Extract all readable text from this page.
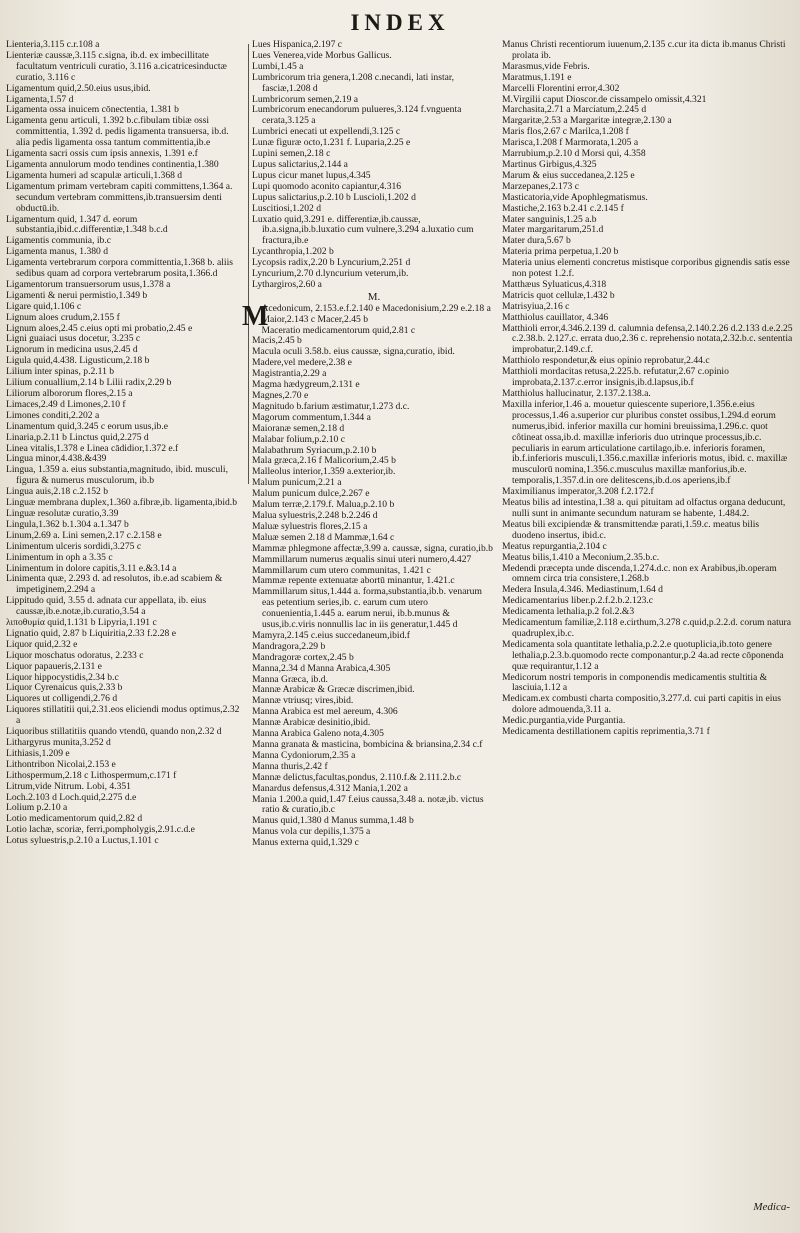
INDEX

Lienteria,3.115 c.r.108 a

Lienteriæ caussæ,3.115 c.signa, ib.d. ex imbecillitate facultatum ventriculi curatio, 3.116 a.cicatricesinductæ curatio, 3.116 c

Ligamentum quid,2.50.eius usus,ibid.

Ligamenta,1.57 d

Ligamenta ossa inuicem cōnectentia, 1.381 b

Ligamenta genu articuli, 1.392 b.c.fibulam tibiæ ossi committentia, 1.392 d. pedis ligamenta transuersa, ib.d. alia pedis ligamenta ossa tantum committentia,ib.e

Ligamenta sacri ossis cum ipsis annexis, 1.391 e.f

Ligamenta annulorum modo tendines continentia,1.380

Ligamenta humeri ad scapulæ articuli,1.368 d

Ligamentum primam vertebram capiti committens,1.364 a. secundum vertebram committens,ib.transuersim denti obductū.ib.

Ligamentum quid, 1.347 d. eorum substantia,ibid.c.differentiæ,1.348 b.c.d

Ligamentis communia, ib.c

Ligamenta manus, 1.380 d

Ligamenta vertebrarum corpora committentia,1.368 b. aliis sedibus quam ad corpora vertebrarum posita,1.366.d

Ligamentorum transuersorum usus,1.378 a

Ligamenti & nerui permistio,1.349 b

Ligare quid,1.106 c

Lignum aloes crudum,2.155 f

Lignum aloes,2.45 c.eius opti mi probatio,2.45 e

Ligni guaiaci usus docetur, 3.235 c

Lignorum in medicina usus,2.45 d

Ligula quid,4.438. Ligusticum,2.18 b

Lilium inter spinas, p.2.11 b

Lilium conuallium,2.14 b Lilii radix,2.29 b

Liliorum albororum flores,2.15 a

Limaces,2.49 d Limones,2.10 f

Limones conditi,2.202 a

Linamentum quid,3.245 c eorum usus,ib.e

Linaria,p.2.11 b Linctus quid,2.275 d

Linea vitalis,1.378 e Linea cādidior,1.372 e.f

Lingua minor,4.438.&439

Lingua, 1.359 a. eius substantia,magnitudo, ibid. musculi, figura & numerus musculorum, ib.b

Lingua auis,2.18 c.2.152 b

Linguæ membrana duplex,1.360 a.fibræ,ib. ligamenta,ibid.b

Linguæ resolutæ curatio,3.39

Lingula,1.362 b.1.304 a.1.347 b

Linum,2.69 a. Lini semen,2.17 c.2.158 e

Linimentum ulceris sordidi,3.275 c

Linimentum in oph a 3.35 c

Linimentum in dolore capitis,3.11 e.&3.14 a

Linimenta quæ, 2.293 d. ad resolutos, ib.e.ad scabiem & impetiginem,2.294 a

Lippitudo quid, 3.55 d. adnata cur appellata, ib. eius caussæ,ib.e.notæ,ib.curatio,3.54 a

λιποθυμία quid,1.131 b Lipyria,1.191 c

Lignatio quid, 2.87 b Liquiritia,2.33 f.2.28 e

Liquor quid,2.32 e

Liquor moschatus odoratus, 2.233 c

Liquor papaueris,2.131 e

Liquor hippocystidis,2.34 b.c

Liquor Cyrenaicus quis,2.33 b

Liquores ut colligendi,2.76 d

Liquores stillatitii qui,2.31.eos eliciendi modus optimus,2.32 a

Liquoribus stillatitiis quando vtendū, quando non,2.32 d

Lithargyrus munita,3.252 d

Lithiasis,1.209 e

Lithontribon Nicolai,2.153 e

Lithospermum,2.18 c Lithospermum,c.171 f

Litrum,vide Nitrum. Lobi, 4.351

Loch.2.103 d Loch.quid,2.275 d.e

Lolium p.2.10 a

Lotio medicamentorum quid,2.82 d

Lotio lachæ, scoriæ, ferri,pompholygis,2.91.c.d.e

Lotus syluestris,p.2.10 a Luctus,1.101 c

Lues Hispanica,2.197 c

Lues Venerea,vide Morbus Gallicus.

Lumbi,1.45 a

Lumbricorum tria genera,1.208 c.necandi, lati instar, fasciæ,1.208 d

Lumbricorum semen,2.19 a

Lumbricorum enecandorum pulueres,3.124 f.vnguenta cerata,3.125 a

Lumbrici enecati ut expellendi,3.125 c

Lunæ figuræ octo,1.231 f. Luparia,2.25 e

Lupini semen,2.18 c

Lupus salictarius,2.144 a

Lupus cicur manet lupus,4.345

Lupi quomodo aconito capiantur,4.316

Lupus salictarius,p.2.10 b Luscioli,1.202 d

Luscitiosi,1.202 d

Luxatio quid,3.291 e. differentiæ,ib.caussæ, ib.a.signa,ib.b.luxatio cum vulnere,3.294 a.luxatio cum fractura,ib.e

Lycanthropia,1.202 b

Lycopsis radix,2.20 b Lyncurium,2.251 d

Lyncurium,2.70 d.lyncurium veterum,ib.

Lythargiros,2.60 a

M.

M
Acedonicum, 2.153.e.f.2.140 e Macedonisium,2.29 e.2.18 a

Maior,2.143 c Macer,2.45 b

Maceratio medicamentorum quid,2.81 c

Macis,2.45 b

Macula oculi 3.58.b. eius caussæ, signa,curatio, ibid.

Madere,vel medere,2.38 e

Magistrantia,2.29 a

Magma hædygreum,2.131 e

Magnes,2.70 e

Magnitudo b.farium æstimatur,1.273 d.c.

Magorum commentum,1.344 a

Maioranæ semen,2.18 d

Malabar folium,p.2.10 c

Malabathrum Syriacum,p.2.10 b

Mala græca,2.16 f Malicorium,2.45 b

Malleolus interior,1.359 a.exterior,ib.

Malum punicum,2.21 a

Malum punicum dulce,2.267 e

Malum terræ,2.179.f. Malua,p.2.10 b

Malua syluestris,2.248 b.2.246 d

Maluæ syluestris flores,2.15 a

Maluæ semen 2.18 d Mammæ,1.64 c

Mammæ phlegmone affectæ,3.99 a. caussæ, signa, curatio,ib.b

Mammillarum numerus æqualis sinui uteri numero,4.427

Mammillarum cum utero communitas, 1.421 c

Mammæ repente extenuatæ abortū minantur, 1.421.c

Mammillarum situs,1.444 a. forma,substantia,ib.b. venarum eas petentium series,ib. c. earum cum utero conuenientia,1.445 a. earum nerui, ib.b.munus & usus,ib.c.viris nonnullis lac in iis generatur,1.445 d

Mamyra,2.145 c.eius succedaneum,ibid.f

Mandragora,2.29 b

Mandragoræ cortex,2.45 b

Manna,2.34 d Manna Arabica,4.305

Manna Græca, ib.d.

Mannæ Arabicæ & Græcæ discrimen,ibid.

Mannæ vtriusq; vires,ibid.

Manna Arabica est mel aereum, 4.306

Mannæ Arabicæ desinitio,ibid.

Manna Arabica Galeno nota,4.305

Manna granata & masticina, bombicina & briansina,2.34 c.f

Manna Cydoniorum,2.35 a

Manna thuris,2.42 f

Mannæ delictus,facultas,pondus, 2.110.f.& 2.111.2.b.c

Manardus defensus,4.312 Mania,1.202 a

Mania 1.200.a quid,1.47 f.eius caussa,3.48 a. notæ,ib. victus ratio & curatio,ib.c

Manus quid,1.380 d Manus summa,1.48 b

Manus vola cur depilis,1.375 a

Manus externa quid,1.329 c

Manus Christi recentiorum iuuenum,2.135 c.cur ita dicta ib.manus Christi prolata ib.

Marasmus,vide Febris.

Maratmus,1.191 e

Marcelli Florentini error,4.302

M.Virgilii caput Dioscor.de cissampelo omissit,4.321

Marchasita,2.71 a Marciatum,2.245 d

Margaritæ,2.53 a Margaritæ integræ,2.130 a

Maris flos,2.67 c Marilca,1.208 f

Marisca,1.208 f Marmorata,1.205 a

Marrubium,p.2.10 d Morsi qui, 4.358

Martinus Girbigus,4.325

Marum & eius succedanea,2.125 e

Marzepanes,2.173 c

Masticatoria,vide Apophlegmatismus.

Mastiche,2.163 b.2.41 c.2.145 f

Mater sanguinis,1.25 a.b

Mater margaritarum,251.d

Mater dura,5.67 b

Materia prima perpetua,1.20 b

Materia unius elementi concretus mistisque corporibus gignendis satis esse non potest 1.2.f.

Matthæus Syluaticus,4.318

Matricis quot cellulæ,1.432 b

Matrisyiua,2.16 c

Matthiolus cauillator, 4.346

Matthioli error,4.346.2.139 d. calumnia defensa,2.140.2.26 d.2.133 d.e.2.25 c.2.38.b. 2.127.c. errata duo,2.36 c. reprehensio notata,2.32.b.c. sententia improbatur,2.149.c.f.

Matthiolo respondetur,& eius opinio reprobatur,2.44.c

Matthioli mordacitas retusa,2.225.b. refutatur,2.67 c.opinio improbata,2.137.c.error insignis,ib.d.lapsus,ib.f

Matthiolus hallucinatur, 2.137.2.138.a.

Maxilla inferior,1.46 a. mouetur quiescente superiore,1.356.e.eius processus,1.46 a.superior cur pluribus constet ossibus,1.294.d eorum numerus,ibid. inferior maxilla cur homini breuissima,1.296.c. quot côtineat ossa,ib.d. maxillæ inferioris duo utrinque processus,ib.c. peculiaris in earum articulatione cartilago,ib.e. inferioris foramen, ib.f.inferioris musculi,1.356.c.maxillæ inferioris motus, ibid. c. maxillæ musculorū nomina,1.356.c.musculus maxillæ manforius,ib.e. temporalis,1.357.d.in ore delitescens,ib.d.os aperiens,ib.f

Maximilianus imperator,3.208 f.2.172.f

Meatus bilis ad intestina,1.38 a. qui pituitam ad olfactus organa deducunt, nulli sunt in animante secundum naturam se habente, 1.484.2.

Meatus bili excipiendæ & transmittendæ parati,1.59.c. meatus bilis duodeno insertus, ibid.c.

Meatus repurgantia,2.104 c

Meatus bilis,1.410 a Meconium,2.35.b.c.

Medendi præcepta unde discenda,1.274.d.c. non ex Arabibus,ib.operam omnem circa tria consistere,1.268.b

Medera Insula,4.346. Mediastinum,1.64 d

Medicamentarius liber.p.2.f.2.b.2.123.c

Medicamenta lethalia,p.2 fol.2.&3

Medicamentum familiæ,2.118 e.cirthum,3.278 c.quid,p.2.2.d. corum natura quadruplex,ib.c.

Medicamenta sola quantitate lethalia,p.2.2.e quotuplicia,ib.toto genere lethalia,p.2.3.b.quomodo recte componantur,p.2 4a.ad recte cōponenda quæ requirantur,1.12 a

Medicorum nostri temporis in componendis medicamentis stultitia & lasciuia,1.12 a

Medicam.ex combusti charta compositio,3.277.d. cui parti capitis in eius dolore admouenda,3.11 a.

Medic.purgantia,vide Purgantia.

Medicamenta destillationem capitis reprimentia,3.71 f

Medica-
